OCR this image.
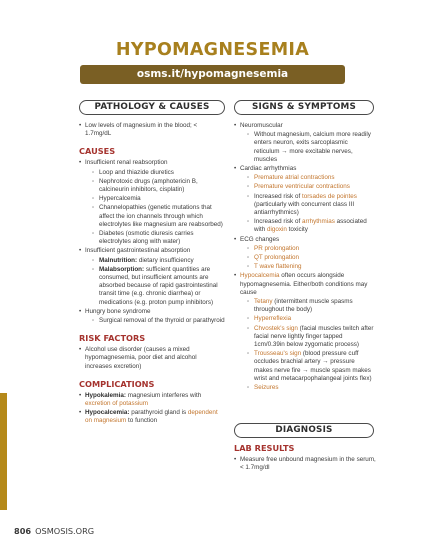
HYPOMAGNESEMIA
osms.it/hypomagnesemia
PATHOLOGY & CAUSES	SIGNS & SYMPTOMS
• Low levels of magnesium in the blood; < 1.7mg/dL
CAUSES
• Insufficient renal reabsorption
◦ Loop and thiazide diuretics
◦ Nephrotoxic drugs (amphotericin B, calcineurin inhibitors, cisplatin)
◦ Hypercalcemia
◦ Channelopathies (genetic mutations that affect the ion channels through which electrolytes like magnesium are reabsorbed)
◦ Diabetes (osmotic diuresis carries electrolytes along with water)
• Insufficient gastrointestinal absorption
◦ Malnutrition: dietary insufficiency
◦ Malabsorption: sufficient quantities are consumed, but insufficient amounts are absorbed because of rapid gastrointestinal transit time (e.g. chronic diarrhea) or medications (e.g. proton pump inhibitors)
• Hungry bone syndrome
◦ Surgical removal of the thyroid or parathyroid
RISK FACTORS
• Alcohol use disorder (causes a mixed hypomagnesemia, poor diet and alcohol increases excretion)
COMPLICATIONS
• Hypokalemia: magnesium interferes with excretion of potassium
• Hypocalcemia: parathyroid gland is dependent on magnesium to function
• Neuromuscular
◦ Without magnesium, calcium more readily enters neuron, exits sarcoplasmic reticulum → more excitable nerves, muscles
• Cardiac arrhythmias
◦ Premature atrial contractions
◦ Premature ventricular contractions
◦ Increased risk of torsades de pointes (particularly with concurrent class III antiarrhythmics)
◦ Increased risk of arrhythmias associated with digoxin toxicity
• ECG changes
◦ PR prolongation
◦ QT prolongation
◦ T wave flattening
• Hypocalcemia often occurs alongside hypomagnesemia. Either/both conditions may cause
◦ Tetany (intermittent muscle spasms throughout the body)
◦ Hyperreflexia
◦ Chvostek's sign (facial muscles twitch after facial nerve lightly finger tapped 1cm/0.39in below zygomatic process)
◦ Trousseau's sign (blood pressure cuff occludes brachial artery → pressure makes nerve fire → muscle spasm makes wrist and metacarpophalangeal joints flex)
◦ Seizures
DIAGNOSIS
LAB RESULTS
• Measure free unbound magnesium in the serum, < 1.7mg/dl
806 OSMOSIS.ORG
